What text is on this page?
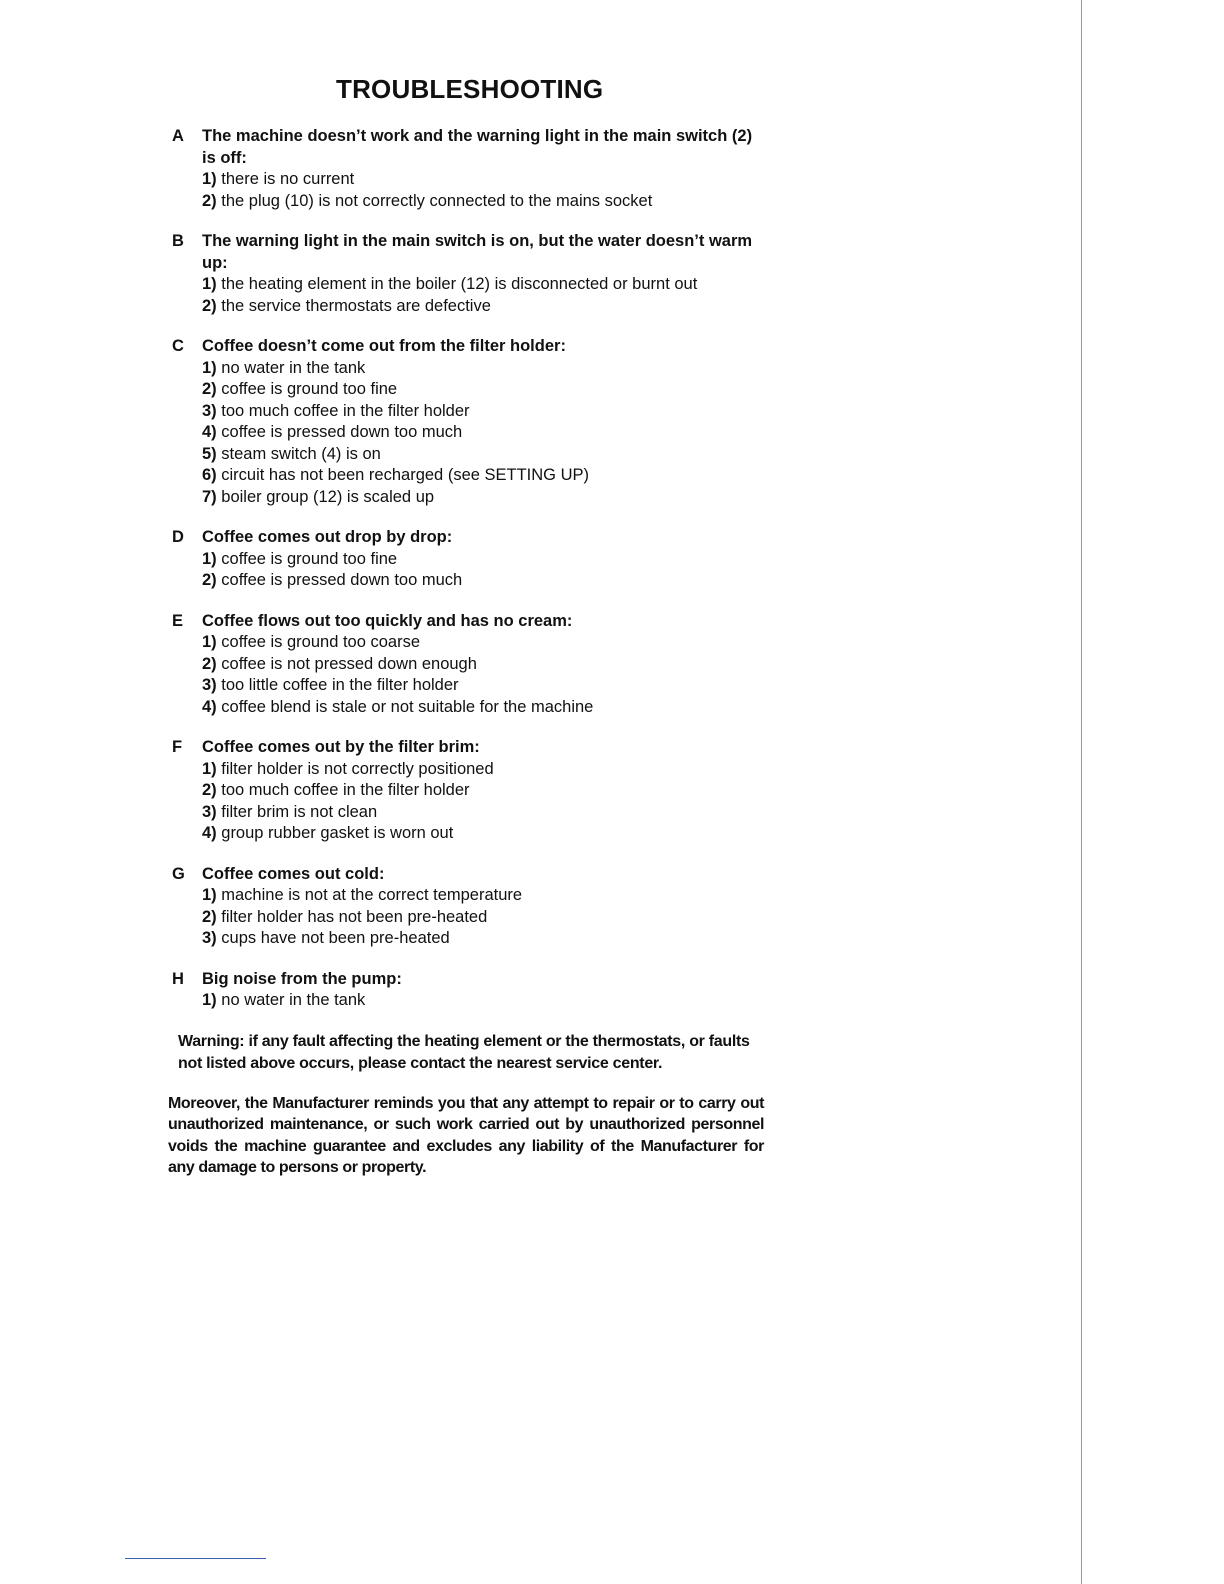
TROUBLESHOOTING
A	The machine doesn’t work and the warning light in the main switch (2) is off:
1) there is no current
2) the plug (10) is not correctly connected to the mains socket
B	The warning light in the main switch is on, but the water doesn’t warm up:
1) the heating element in the boiler (12) is disconnected or burnt out
2) the service thermostats are defective
C	Coffee doesn’t come out from the filter holder:
1) no water in the tank
2) coffee is ground too fine
3) too much coffee in the filter holder
4) coffee is pressed down too much
5) steam switch (4) is on
6) circuit has not been recharged (see SETTING UP)
7) boiler group (12) is scaled up
D	Coffee comes out drop by drop:
1) coffee is ground too fine
2) coffee is pressed down too much
E	Coffee flows out too quickly and has no cream:
1) coffee is ground too coarse
2) coffee is not pressed down enough
3) too little coffee in the filter holder
4) coffee blend is stale or not suitable for the machine
F	Coffee comes out by the filter brim:
1) filter holder is not correctly positioned
2) too much coffee in the filter holder
3) filter brim is not clean
4) group rubber gasket is worn out
G	Coffee comes out cold:
1) machine is not at the correct temperature
2) filter holder has not been pre-heated
3) cups have not been pre-heated
H	Big noise from the pump:
1) no water in the tank

Warning: if any fault affecting the heating element or the thermostats, or faults not listed above occurs, please contact the nearest service center.

Moreover, the Manufacturer reminds you that any attempt to repair or to carry out unauthorized maintenance, or such work carried out by unauthorized personnel voids the machine guarantee and excludes any liability of the Manufacturer for any damage to persons or property.
